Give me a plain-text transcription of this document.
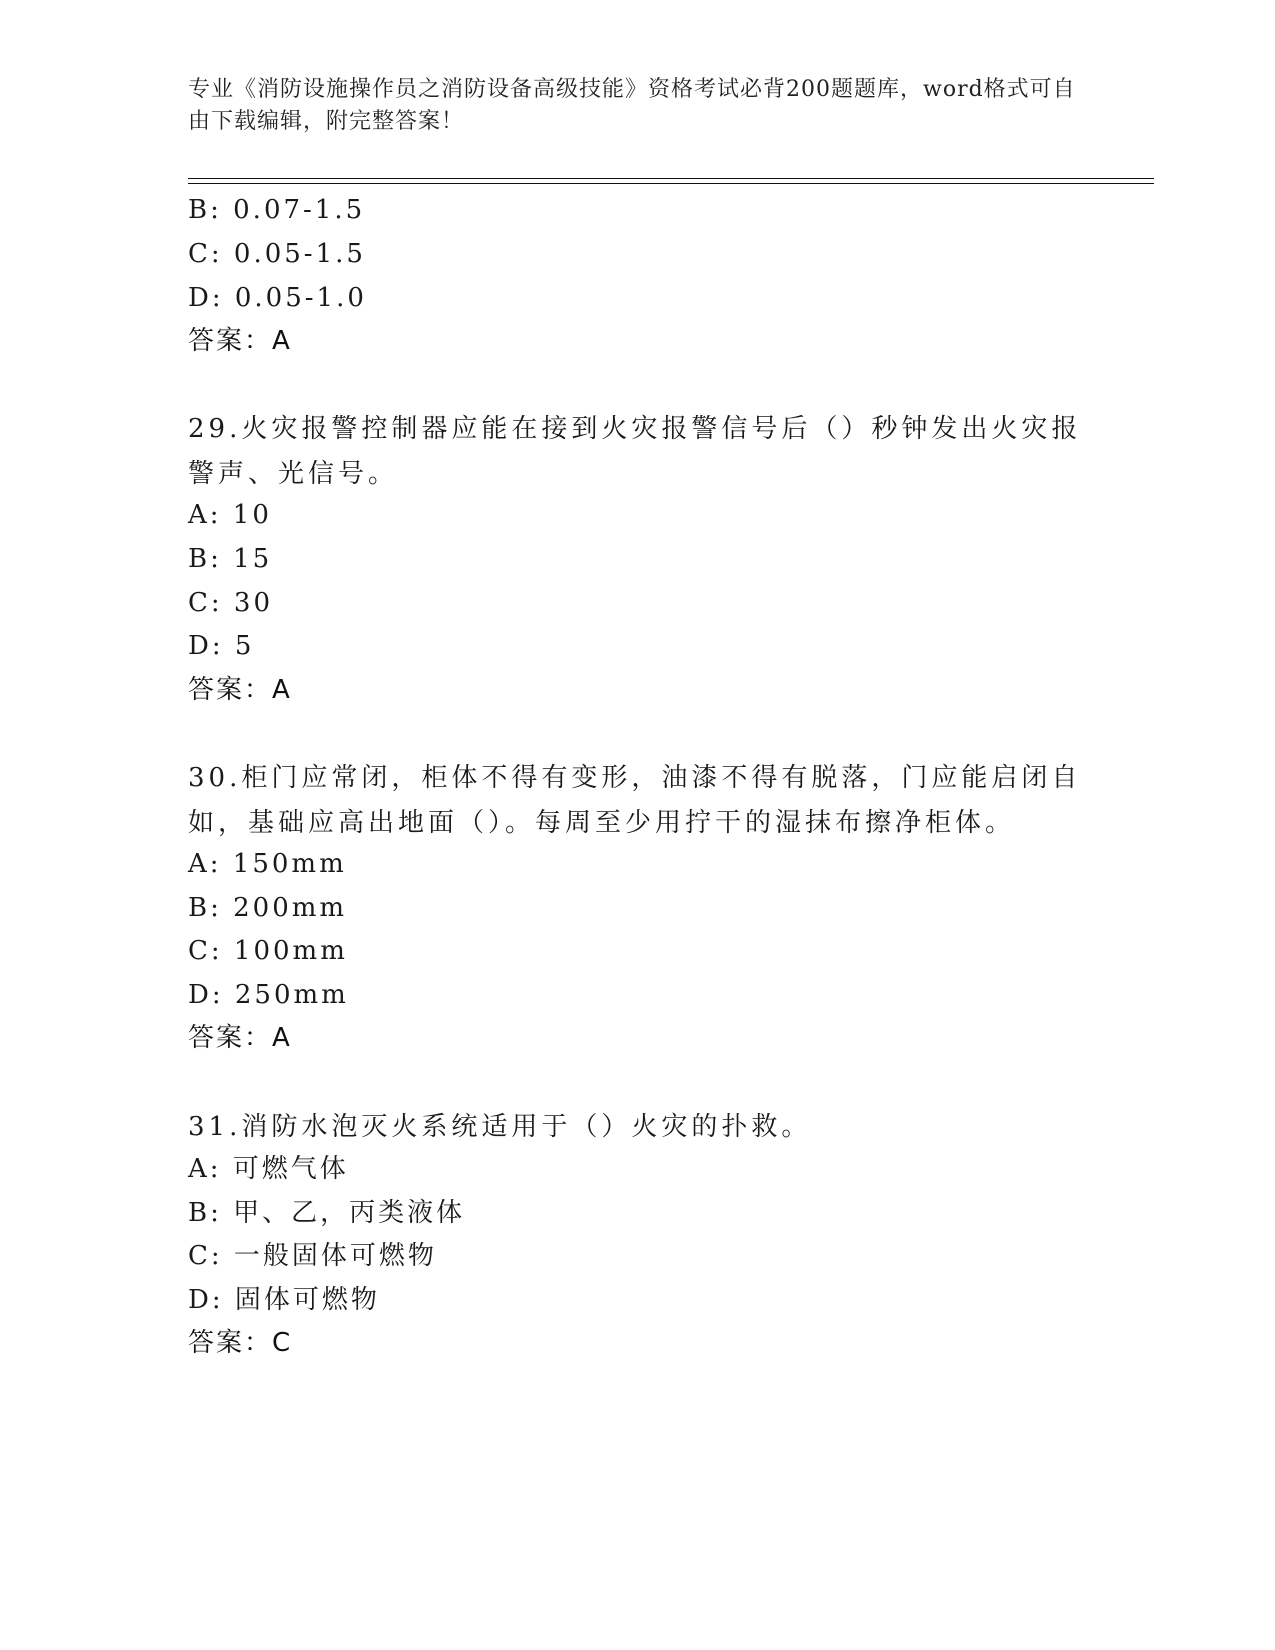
专业《消防设施操作员之消防设备高级技能》资格考试必背200题题库，word格式可自由下载编辑，附完整答案！
B: 0.07-1.5
C: 0.05-1.5
D: 0.05-1.0
答案：A
29.火灾报警控制器应能在接到火灾报警信号后（）秒钟发出火灾报警声、光信号。
A: 10
B: 15
C: 30
D: 5
答案：A
30.柜门应常闭，柜体不得有变形，油漆不得有脱落，门应能启闭自如，基础应高出地面（）。每周至少用拧干的湿抹布擦净柜体。
A: 150mm
B: 200mm
C: 100mm
D: 250mm
答案：A
31.消防水泡灭火系统适用于（）火灾的扑救。
A: 可燃气体
B: 甲、乙，丙类液体
C: 一般固体可燃物
D: 固体可燃物
答案：C
